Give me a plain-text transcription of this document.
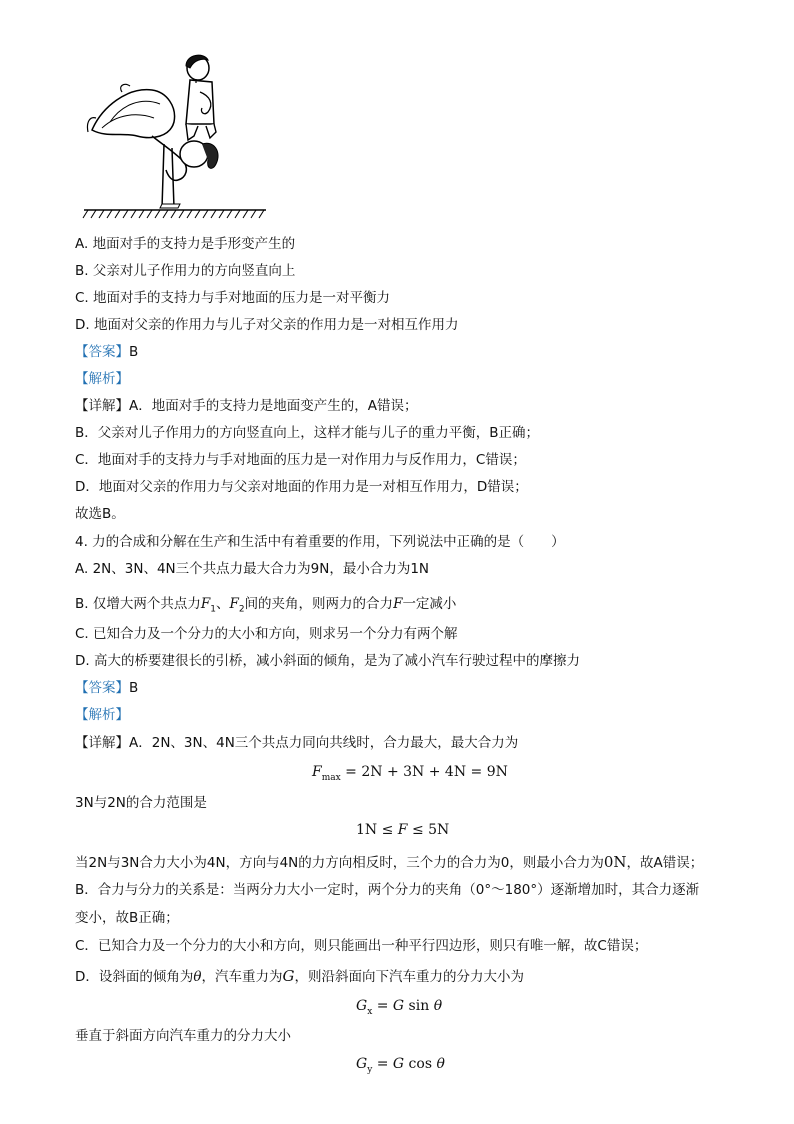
A. 地面对手的支持力是手形变产生的
B. 父亲对儿子作用力的方向竖直向上
C. 地面对手的支持力与手对地面的压力是一对平衡力
D. 地面对父亲的作用力与儿子对父亲的作用力是一对相互作用力
【答案】B
【解析】
【详解】A．地面对手的支持力是地面变产生的，A错误；
B．父亲对儿子作用力的方向竖直向上，这样才能与儿子的重力平衡，B正确；
C．地面对手的支持力与手对地面的压力是一对作用力与反作用力，C错误；
D．地面对父亲的作用力与父亲对地面的作用力是一对相互作用力，D错误；
故选B。
4. 力的合成和分解在生产和生活中有着重要的作用，下列说法中正确的是（　　）
A. 2N、3N、4N三个共点力最大合力为9N，最小合力为1N
B. 仅增大两个共点力$F_1$、$F_2$间的夹角，则两力的合力F一定减小
C. 已知合力及一个分力的大小和方向，则求另一个分力有两个解
D. 高大的桥要建很长的引桥，减小斜面的倾角，是为了减小汽车行驶过程中的摩擦力
【答案】B
【解析】
【详解】A．2N、3N、4N三个共点力同向共线时，合力最大，最大合力为
$F_{max} = 2N + 3N + 4N = 9N$
3N与2N的合力范围是
1N ≤ F ≤ 5N
当2N与3N合力大小为4N，方向与4N的力方向相反时，三个力的合力为0，则最小合力为0N，故A错误；
B．合力与分力的关系是：当两分力大小一定时，两个分力的夹角（0°～180°）逐渐增加时，其合力逐渐
变小，故B正确；
C．已知合力及一个分力的大小和方向，则只能画出一种平行四边形，则只有唯一解，故C错误；
D．设斜面的倾角为θ，汽车重力为G，则沿斜面向下汽车重力的分力大小为
$G_x = G$ sin θ
垂直于斜面方向汽车重力的分力大小
$G_y = G$ cos θ
